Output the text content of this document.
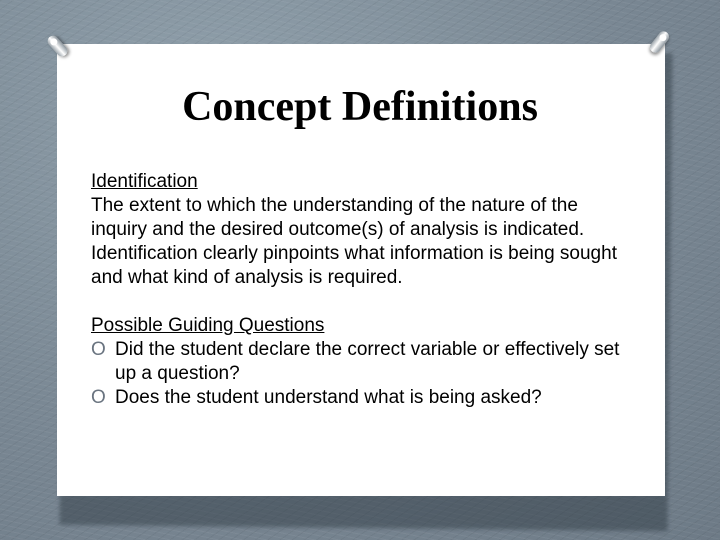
Concept Definitions
Identification
The extent to which the understanding of the nature of the inquiry and the desired outcome(s) of analysis is indicated. Identification clearly pinpoints what information is being sought and what kind of analysis is required.
Possible Guiding Questions
O Did the student declare the correct variable or effectively set up a question?
O Does the student understand what is being asked?
